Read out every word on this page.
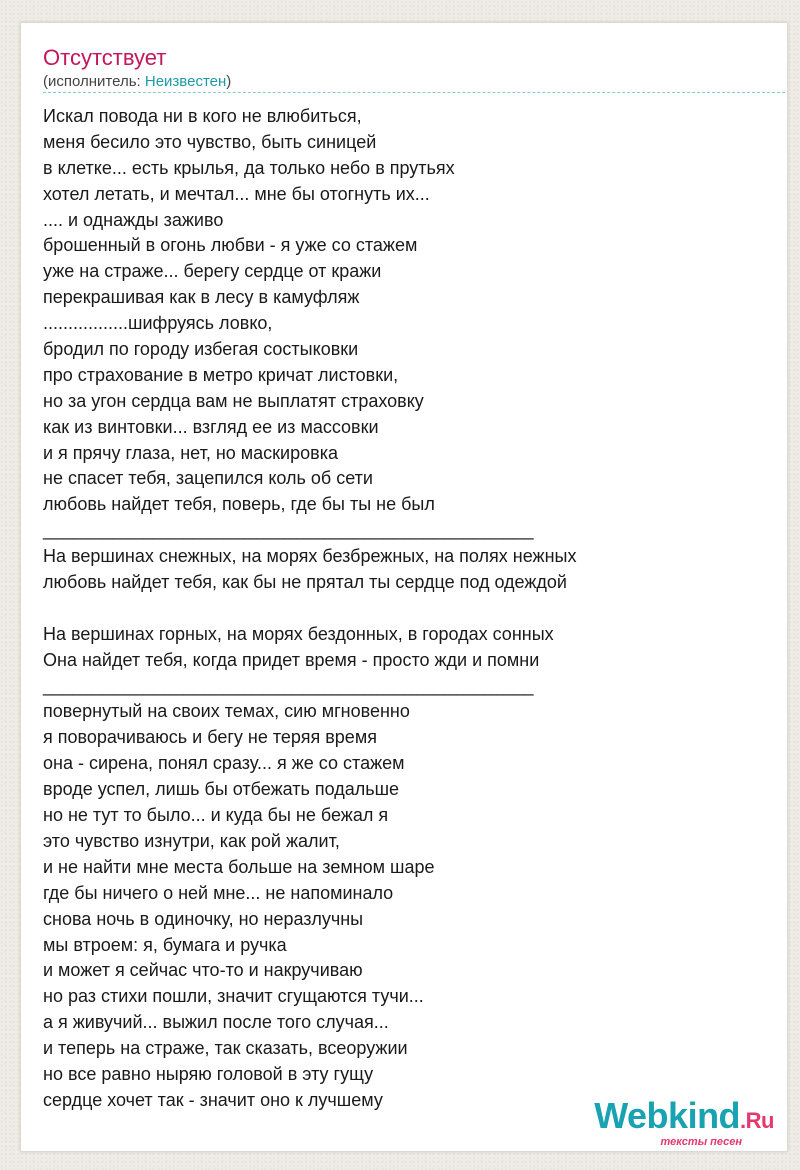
Отсутствует
(исполнитель: Неизвестен)
Искал повода ни в кого не влюбиться,
меня бесило это чувство, быть синицей
в клетке... есть крылья, да только небо в прутьях
хотел летать, и мечтал... мне бы отогнуть их...
.... и однажды заживо
брошенный в огонь любви - я уже со стажем
уже на страже... берегу сердце от кражи
перекрашивая как в лесу в камуфляж
.................шифруясь ловко,
бродил по городу избегая состыковки
про страхование в метро кричат листовки,
но за угон сердца вам не выплатят страховку
как из винтовки... взгляд ее из массовки
и я прячу глаза, нет, но маскировка
не спасет тебя, зацепился коль об сети
любовь найдет тебя, поверь, где бы ты не был
_________________________________________________
На вершинах снежных, на морях безбрежных, на полях нежных
любовь найдет тебя, как бы не прятал ты сердце под одеждой
На вершинах горных, на морях бездонных, в городах сонных
Она найдет тебя, когда придет время - просто жди и помни
_________________________________________________
повернутый на своих темах, сию мгновенно
я поворачиваюсь и бегу не теряя время
она - сирена, понял сразу... я же со стажем
вроде успел, лишь бы отбежать подальше
но не тут то было... и куда бы не бежал я
это чувство изнутри, как рой жалит,
и не найти мне места больше на земном шаре
где бы ничего о ней мне... не напоминало
снова ночь в одиночку, но неразлучны
мы втроем: я, бумага и ручка
и может я сейчас что-то и накручиваю
но раз стихи пошли, значит сгущаются тучи...
а я живучий... выжил после того случая...
и теперь на страже, так сказать, всеоружии
но все равно ныряю головой в эту гущу
сердце хочет так - значит оно к лучшему	Webkind.Ru
тексты песен
